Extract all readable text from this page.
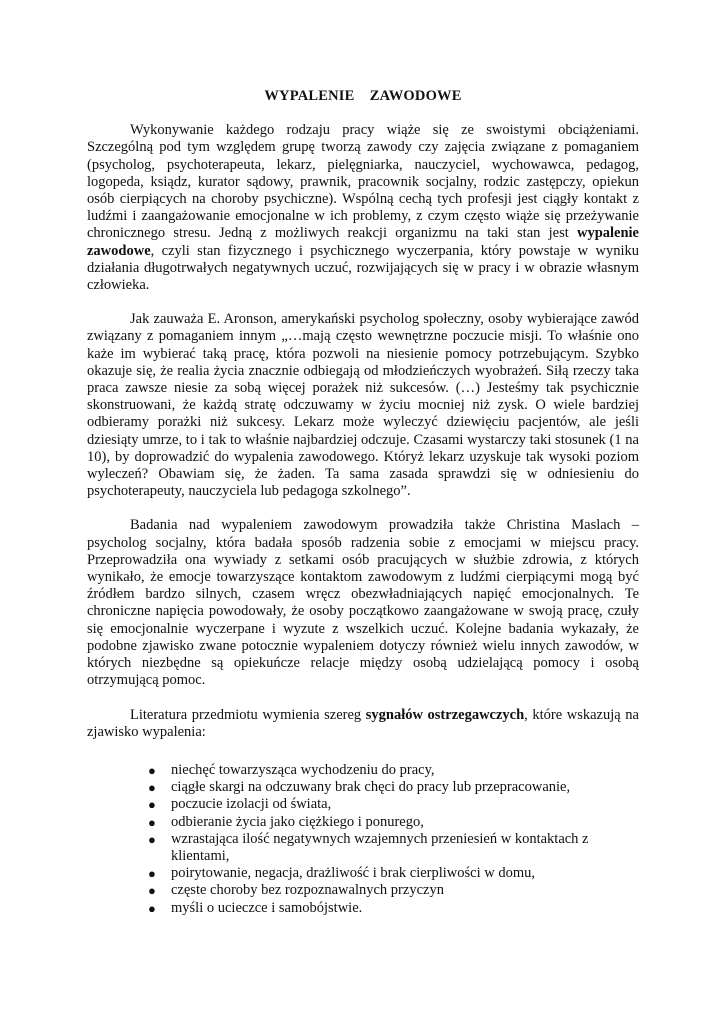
WYPALENIE    ZAWODOWE

Wykonywanie każdego rodzaju pracy wiąże się ze swoistymi obciążeniami. Szczególną pod tym względem grupę tworzą zawody czy zajęcia związane z pomaganiem (psycholog, psychoterapeuta, lekarz, pielęgniarka, nauczyciel, wychowawca, pedagog, logopeda, ksiądz, kurator sądowy, prawnik, pracownik socjalny, rodzic zastępczy, opiekun osób cierpiących na choroby psychiczne). Wspólną cechą tych profesji jest ciągły kontakt z ludźmi i zaangażowanie emocjonalne w ich problemy, z czym często wiąże się przeżywanie chronicznego stresu. Jedną z możliwych reakcji organizmu na taki stan jest wypalenie zawodowe, czyli stan fizycznego i psychicznego wyczerpania, który powstaje w wyniku działania długotrwałych negatywnych uczuć, rozwijających się w pracy i w obrazie własnym człowieka.

Jak zauważa E. Aronson, amerykański psycholog społeczny, osoby wybierające zawód związany z pomaganiem innym „…mają często wewnętrzne poczucie misji. To właśnie ono każe im wybierać taką pracę, która pozwoli na niesienie pomocy potrzebującym. Szybko okazuje się, że realia życia znacznie odbiegają od młodzieńczych wyobrażeń. Siłą rzeczy taka praca zawsze niesie za sobą więcej porażek niż sukcesów. (…) Jesteśmy tak psychicznie skonstruowani, że każdą stratę odczuwamy w życiu mocniej niż zysk. O wiele bardziej odbieramy porażki niż sukcesy. Lekarz może wyleczyć dziewięciu pacjentów, ale jeśli dziesiąty umrze, to i tak to właśnie najbardziej odczuje. Czasami wystarczy taki stosunek (1 na 10), by doprowadzić do wypalenia zawodowego. Któryż lekarz uzyskuje tak wysoki poziom wyleczeń? Obawiam się, że żaden. Ta sama zasada sprawdzi się w odniesieniu do psychoterapeuty, nauczyciela lub pedagoga szkolnego”.

Badania nad wypaleniem zawodowym prowadziła także Christina Maslach – psycholog socjalny, która badała sposób radzenia sobie z emocjami w miejscu pracy. Przeprowadziła ona wywiady z setkami osób pracujących w służbie zdrowia, z których wynikało, że emocje towarzyszące kontaktom zawodowym z ludźmi cierpiącymi mogą być źródłem bardzo silnych, czasem wręcz obezwładniających napięć emocjonalnych. Te chroniczne napięcia powodowały, że osoby początkowo zaangażowane w swoją pracę, czuły się emocjonalnie wyczerpane i wyzute z wszelkich uczuć. Kolejne badania wykazały, że podobne zjawisko zwane potocznie wypaleniem dotyczy również wielu innych zawodów, w których niezbędne są opiekuńcze relacje między osobą udzielającą pomocy i osobą otrzymującą pomoc.

Literatura przedmiotu wymienia szereg sygnałów ostrzegawczych, które wskazują na zjawisko wypalenia:

● niechęć towarzysząca wychodzeniu do pracy,
● ciągłe skargi na odczuwany brak chęci do pracy lub przepracowanie,
● poczucie izolacji od świata,
● odbieranie życia jako ciężkiego i ponurego,
● wzrastająca ilość negatywnych wzajemnych przeniesień w kontaktach z klientami,
● poirytowanie, negacja, drażliwość i brak cierpliwości w domu,
● częste choroby bez rozpoznawalnych przyczyn
● myśli o ucieczce i samobójstwie.
